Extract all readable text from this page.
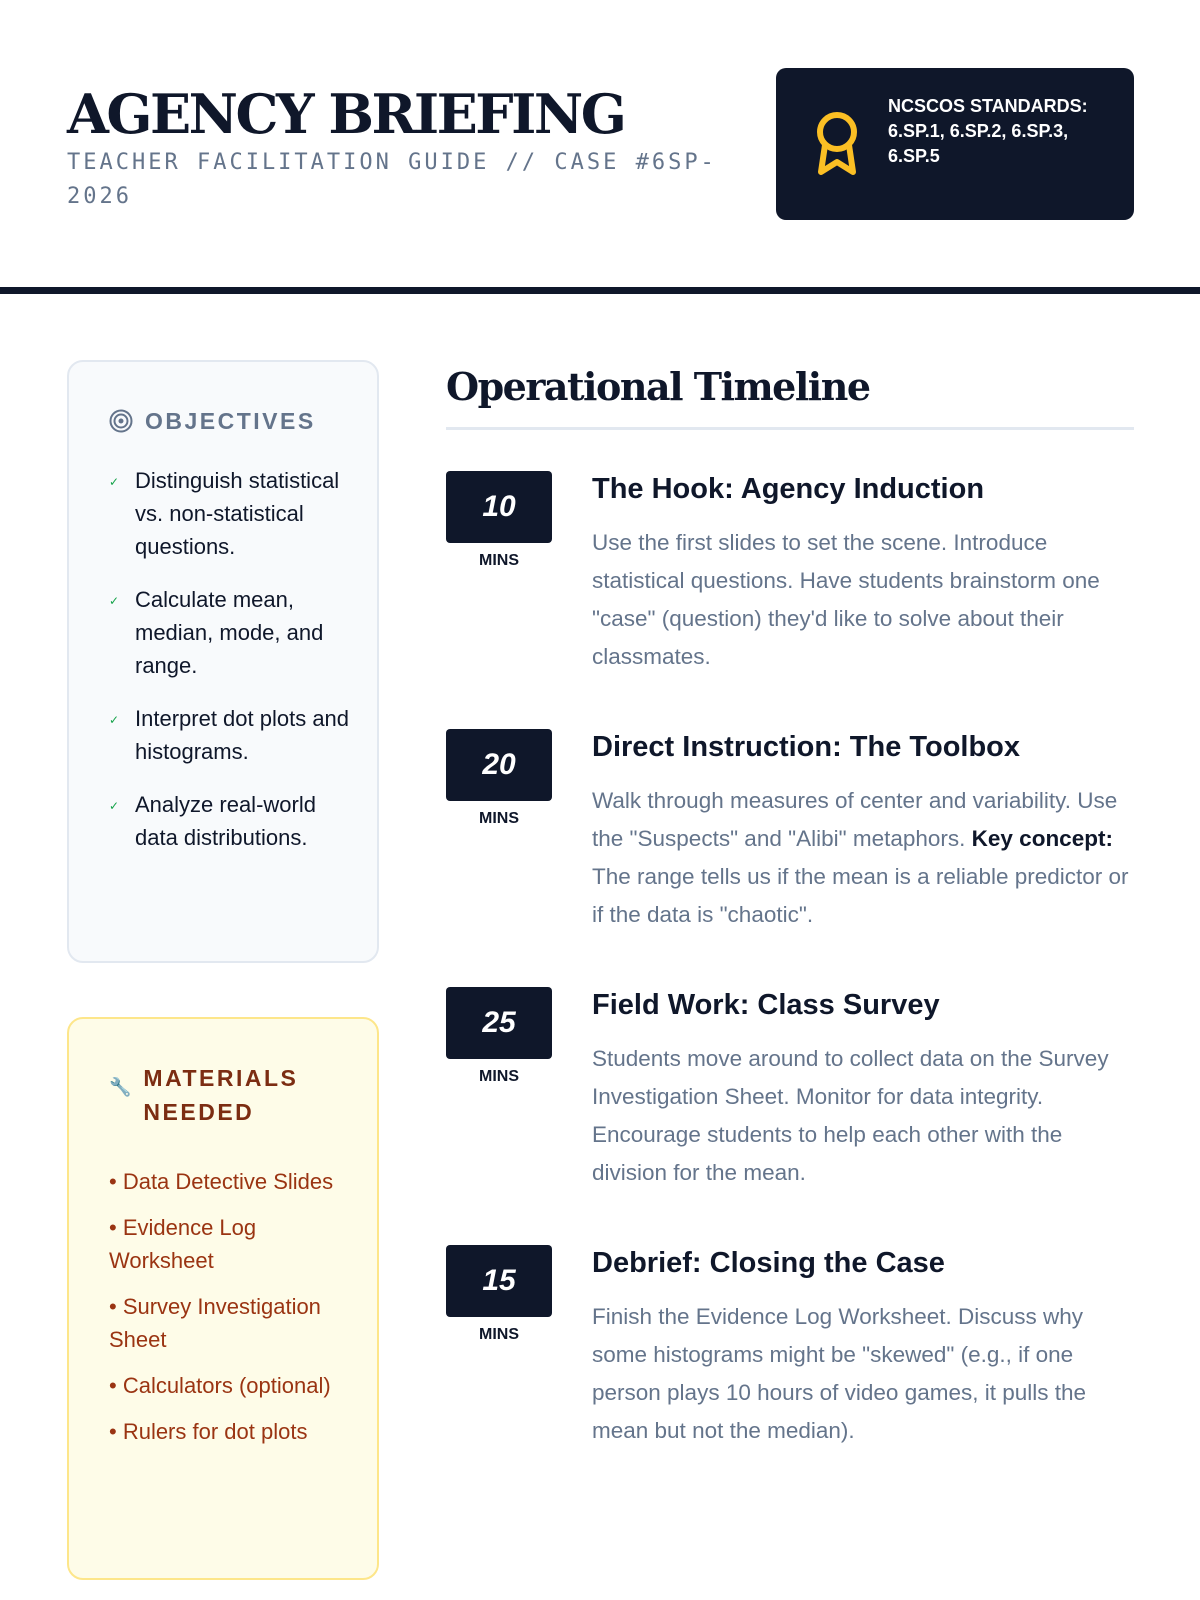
AGENCY BRIEFING
TEACHER FACILITATION GUIDE // CASE #6SP-2026
NCSCOS STANDARDS: 6.SP.1, 6.SP.2, 6.SP.3, 6.SP.5
OBJECTIVES
✓ Distinguish statistical vs. non-statistical questions.
✓ Calculate mean, median, mode, and range.
✓ Interpret dot plots and histograms.
✓ Analyze real-world data distributions.
🔧 MATERIALS NEEDED
• Data Detective Slides
• Evidence Log Worksheet
• Survey Investigation Sheet
• Calculators (optional)
• Rulers for dot plots
Operational Timeline
10
MINS
The Hook: Agency Induction

Use the first slides to set the scene. Introduce statistical questions. Have students brainstorm one "case" (question) they'd like to solve about their classmates.

20
MINS
Direct Instruction: The Toolbox

Walk through measures of center and variability. Use the "Suspects" and "Alibi" metaphors. Key concept: The range tells us if the mean is a reliable predictor or if the data is "chaotic".

25
MINS
Field Work: Class Survey

Students move around to collect data on the Survey Investigation Sheet. Monitor for data integrity. Encourage students to help each other with the division for the mean.

15
MINS
Debrief: Closing the Case

Finish the Evidence Log Worksheet. Discuss why some histograms might be "skewed" (e.g., if one person plays 10 hours of video games, it pulls the mean but not the median).
